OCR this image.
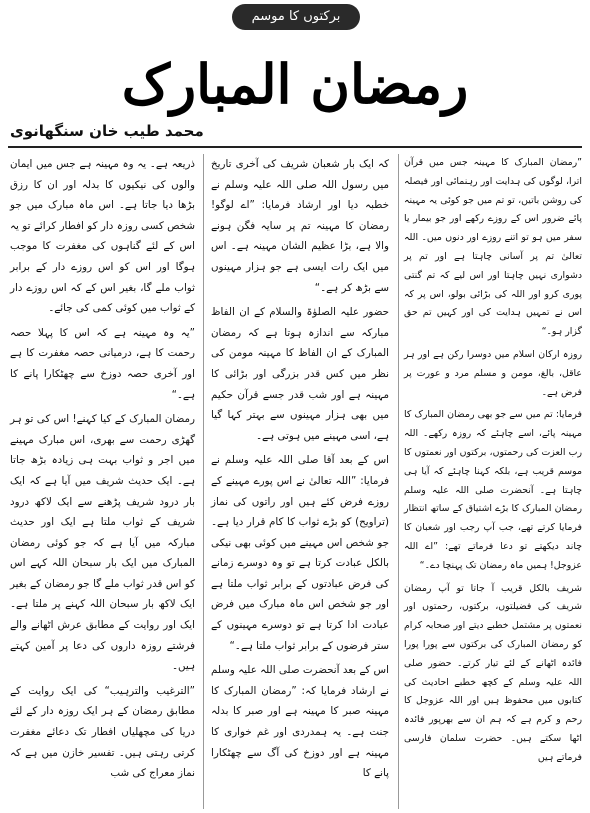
برکتوں کا موسم
رمضان المبارک
محمد طیب خان سنگھانوی

”رمضان المبارک کا مہینہ جس میں قرآن اترا، لوگوں کی ہدایت اور رہنمائی اور فیصلہ کی روشن باتیں، تو تم میں جو کوئی یہ مہینہ پائے ضرور اس کے روزے رکھے اور جو بیمار یا سفر میں ہو تو اتنے روزے اور دنوں میں۔ اللہ تعالیٰ تم پر آسانی چاہتا ہے اور تم پر دشواری نہیں چاہتا اور اس لیے کہ تم گنتی پوری کرو اور اللہ کی بڑائی بولو، اس پر کہ اس نے تمہیں ہدایت کی اور کہیں تم حق گزار ہو۔“

روزہ ارکان اسلام میں دوسرا رکن ہے اور ہر عاقل، بالغ، مومن و مسلم مرد و عورت پر فرض ہے۔

فرمایا: تم میں سے جو بھی رمضان المبارک کا مہینہ پائے، اسے چاہئے کہ روزہ رکھے۔ اللہ رب العزت کی رحمتوں، برکتوں اور نعمتوں کا موسم قریب ہے، بلکہ کہنا چاہئے کہ آیا ہی چاہتا ہے۔ آنحضرت صلی اللہ علیہ وسلم رمضان المبارک کا بڑے اشتیاق کے ساتھ انتظار فرمایا کرتے تھے، جب آپ رجب اور شعبان کا چاند دیکھتے تو دعا فرماتے تھے: ”اے اللہ عزوجل! ہمیں ماہ رمضان تک پہنچا دے۔“

شریف بالکل قریب آ جاتا تو آپ رمضان شریف کی فضیلتوں، برکتوں، رحمتوں اور نعمتوں پر مشتمل خطبے دیتے اور صحابہ کرام کو رمضان المبارک کی برکتوں سے پورا پورا فائدہ اٹھانے کے لئے تیار کرتے۔ حضور صلی اللہ علیہ وسلم کے کچھ خطبے احادیث کی کتابوں میں محفوظ ہیں اور اللہ عزوجل کا رحم و کرم ہے کہ ہم ان سے بھرپور فائدہ اٹھا سکتے ہیں۔ حضرت سلمان فارسی فرماتے ہیں

کہ ایک بار شعبان شریف کی آخری تاریخ میں رسول اللہ صلی اللہ علیہ وسلم نے خطبہ دیا اور ارشاد فرمایا: ”اے لوگو! رمضان کا مہینہ تم پر سایہ فگن ہونے والا ہے، بڑا عظیم الشان مہینہ ہے۔ اس میں ایک رات ایسی ہے جو ہزار مہینوں سے بڑھ کر ہے۔“

حضور علیہ الصلوٰۃ والسلام کے ان الفاظ مبارکہ سے اندازہ ہوتا ہے کہ رمضان المبارک کے ان الفاظ کا مہینہ مومن کی نظر میں کس قدر بزرگی اور بڑائی کا مہینہ ہے اور شب قدر جسے قرآن حکیم میں بھی ہزار مہینوں سے بہتر کہا گیا ہے، اسی مہینے میں ہوتی ہے۔

اس کے بعد آقا صلی اللہ علیہ وسلم نے فرمایا: ”اللہ تعالیٰ نے اس پورے مہینے کے روزے فرض کئے ہیں اور راتوں کی نماز (تراویح) کو بڑے ثواب کا کام قرار دیا ہے۔ جو شخص اس مہینے میں کوئی بھی نیکی بالکل عبادت کرتا ہے تو وہ دوسرے زمانے کی فرض عبادتوں کے برابر ثواب ملتا ہے اور جو شخص اس ماہ مبارک میں فرض عبادت ادا کرتا ہے تو دوسرے مہینوں کے ستر فرضوں کے برابر ثواب ملتا ہے۔“

اس کے بعد آنحضرت صلی اللہ علیہ وسلم نے ارشاد فرمایا کہ: ”رمضان المبارک کا مہینہ صبر کا مہینہ ہے اور صبر کا بدلہ جنت ہے۔ یہ ہمدردی اور غم خواری کا مہینہ ہے اور دوزخ کی آگ سے چھٹکارا پانے کا

ذریعہ ہے۔ یہ وہ مہینہ ہے جس میں ایمان والوں کی نیکیوں کا بدلہ اور ان کا رزق بڑھا دیا جاتا ہے۔ اس ماہ مبارک میں جو شخص کسی روزہ دار کو افطار کرائے تو یہ اس کے لئے گناہوں کی مغفرت کا موجب ہوگا اور اس کو اس روزے دار کے برابر ثواب ملے گا، بغیر اس کے کہ اس روزے دار کے ثواب میں کوئی کمی کی جائے۔

”یہ وہ مہینہ ہے کہ اس کا پہلا حصہ رحمت کا ہے، درمیانی حصہ مغفرت کا ہے اور آخری حصہ دوزخ سے چھٹکارا پانے کا ہے۔“

رمضان المبارک کے کیا کہنے! اس کی تو ہر گھڑی رحمت سے بھری، اس مبارک مہینے میں اجر و ثواب بہت ہی زیادہ بڑھ جاتا ہے۔ ایک حدیث شریف میں آیا ہے کہ ایک بار درود شریف پڑھنے سے ایک لاکھ درود شریف کے ثواب ملتا ہے ایک اور حدیث مبارکہ میں آیا ہے کہ جو کوئی رمضان المبارک میں ایک بار سبحان اللہ کہے اس کو اس قدر ثواب ملے گا جو رمضان کے بغیر ایک لاکھ بار سبحان اللہ کہنے پر ملتا ہے۔ ایک اور روایت کے مطابق عرش اٹھانے والے فرشتے روزہ داروں کی دعا پر آمین کہتے ہیں۔

”الترغیب والترہیب“ کی ایک روایت کے مطابق رمضان کے ہر ایک روزہ دار کے لئے دریا کی مچھلیاں افطار تک دعائے مغفرت کرتی رہتی ہیں۔ تفسیر خازن میں ہے کہ نماز معراج کی شب
